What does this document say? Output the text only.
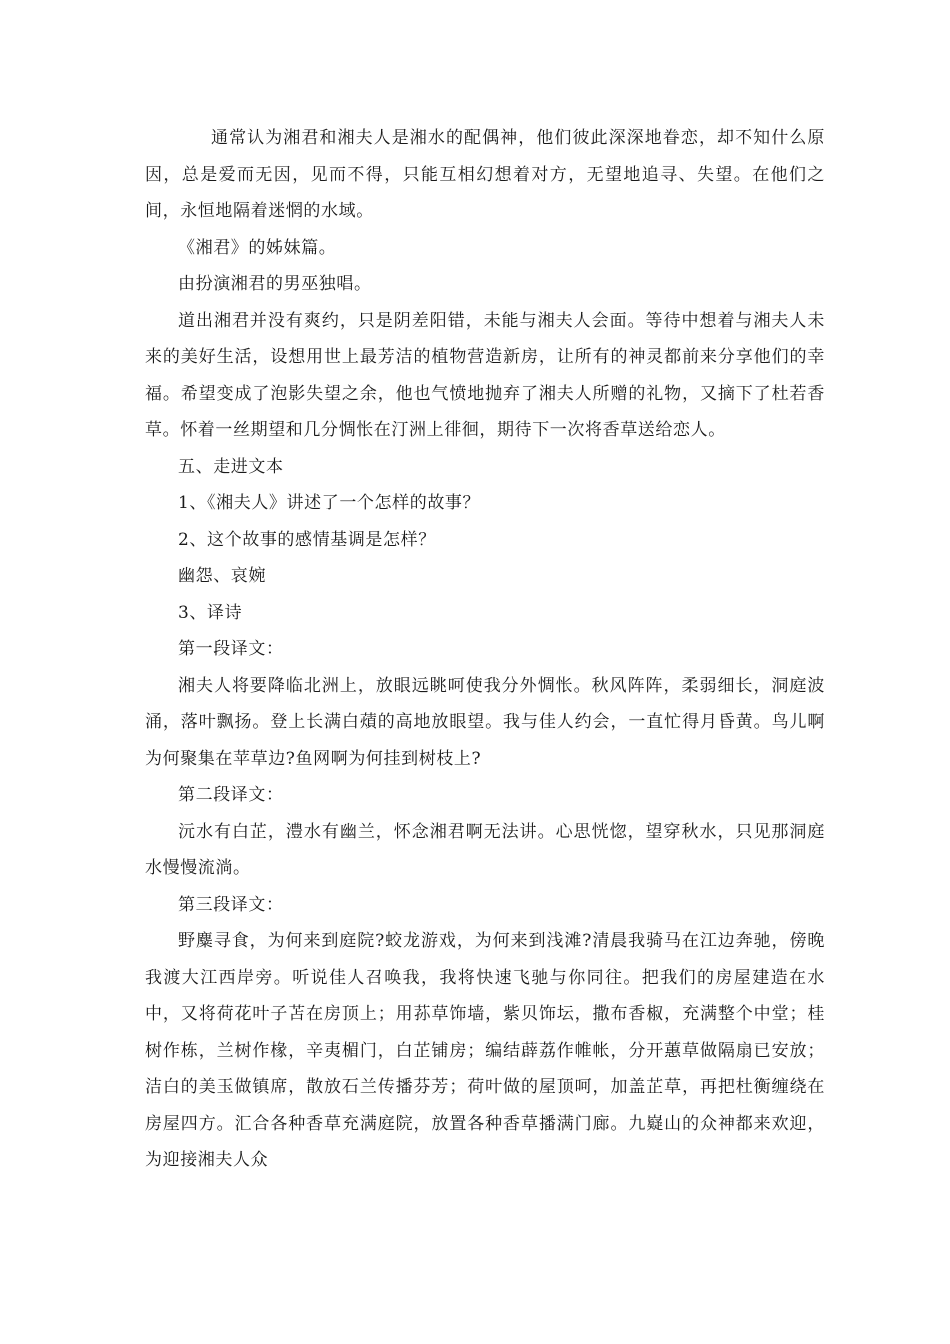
通常认为湘君和湘夫人是湘水的配偶神，他们彼此深深地眷恋，却不知什么原因，总是爱而无因，见而不得，只能互相幻想着对方，无望地追寻、失望。在他们之间，永恒地隔着迷惘的水域。

《湘君》的姊妹篇。

由扮演湘君的男巫独唱。

道出湘君并没有爽约，只是阴差阳错，未能与湘夫人会面。等待中想着与湘夫人未来的美好生活，设想用世上最芳洁的植物营造新房，让所有的神灵都前来分享他们的幸福。希望变成了泡影失望之余，他也气愤地抛弃了湘夫人所赠的礼物，又摘下了杜若香草。怀着一丝期望和几分惆怅在汀洲上徘徊，期待下一次将香草送给恋人。

五、走进文本

1、《湘夫人》讲述了一个怎样的故事？

2、这个故事的感情基调是怎样？

幽怨、哀婉

3、译诗

第一段译文：

湘夫人将要降临北洲上，放眼远眺呵使我分外惆怅。秋风阵阵，柔弱细长，洞庭波涌，落叶飘扬。登上长满白薠的高地放眼望。我与佳人约会，一直忙得月昏黄。鸟儿啊为何聚集在苹草边?鱼网啊为何挂到树枝上?

第二段译文：

沅水有白芷，澧水有幽兰，怀念湘君啊无法讲。心思恍惚，望穿秋水，只见那洞庭水慢慢流淌。

第三段译文：

野麋寻食，为何来到庭院?蛟龙游戏，为何来到浅滩?清晨我骑马在江边奔驰，傍晚我渡大江西岸旁。听说佳人召唤我，我将快速飞驰与你同往。把我们的房屋建造在水中，又将荷花叶子苫在房顶上；用荪草饰墙，紫贝饰坛，撒布香椒，充满整个中堂；桂树作栋，兰树作椽，辛夷楣门，白芷铺房；编结薜荔作帷帐，分开蕙草做隔扇已安放；洁白的美玉做镇席，散放石兰传播芬芳；荷叶做的屋顶呵，加盖芷草，再把杜衡缠绕在房屋四方。汇合各种香草充满庭院，放置各种香草播满门廊。九嶷山的众神都来欢迎，为迎接湘夫人众
